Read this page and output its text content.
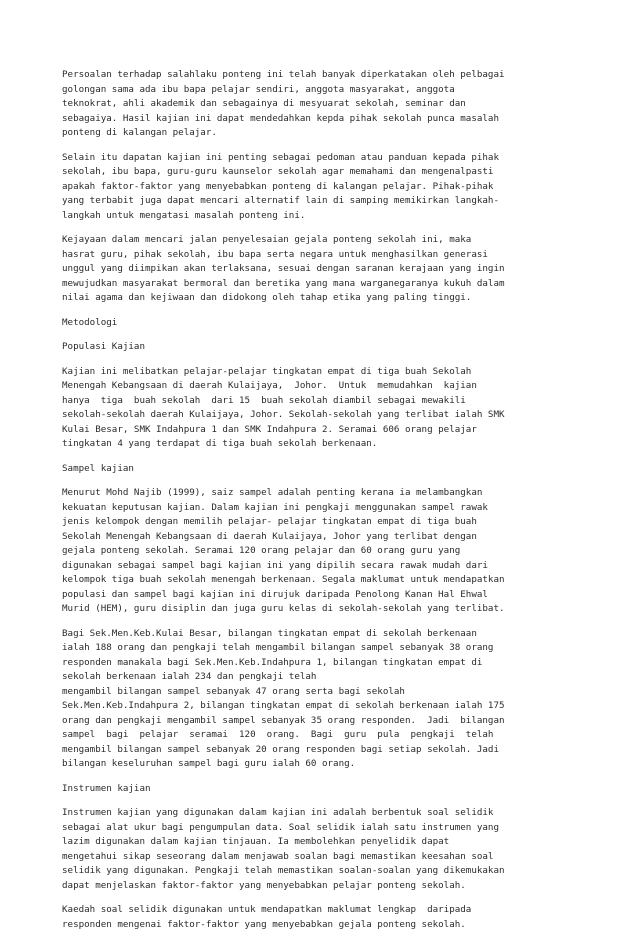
Persoalan terhadap salahlaku ponteng ini telah banyak diperkatakan oleh pelbagai
golongan sama ada ibu bapa pelajar sendiri, anggota masyarakat, anggota
teknokrat, ahli akademik dan sebagainya di mesyuarat sekolah, seminar dan
sebagaiya. Hasil kajian ini dapat mendedahkan kepda pihak sekolah punca masalah
ponteng di kalangan pelajar.
Selain itu dapatan kajian ini penting sebagai pedoman atau panduan kepada pihak
sekolah, ibu bapa, guru-guru kaunselor sekolah agar memahami dan mengenalpasti
apakah faktor-faktor yang menyebabkan ponteng di kalangan pelajar. Pihak-pihak
yang terbabit juga dapat mencari alternatif lain di samping memikirkan langkah-
langkah untuk mengatasi masalah ponteng ini.
Kejayaan dalam mencari jalan penyelesaian gejala ponteng sekolah ini, maka
hasrat guru, pihak sekolah, ibu bapa serta negara untuk menghasilkan generasi
unggul yang diimpikan akan terlaksana, sesuai dengan saranan kerajaan yang ingin
mewujudkan masyarakat bermoral dan beretika yang mana warganegaranya kukuh dalam
nilai agama dan kejiwaan dan didokong oleh tahap etika yang paling tinggi.
Metodologi
Populasi Kajian
Kajian ini melibatkan pelajar-pelajar tingkatan empat di tiga buah Sekolah
Menengah Kebangsaan di daerah Kulaijaya,  Johor.  Untuk  memudahkan  kajian
hanya  tiga  buah sekolah  dari 15  buah sekolah diambil sebagai mewakili
sekolah-sekolah daerah Kulaijaya, Johor. Sekolah-sekolah yang terlibat ialah SMK
Kulai Besar, SMK Indahpura 1 dan SMK Indahpura 2. Seramai 606 orang pelajar
tingkatan 4 yang terdapat di tiga buah sekolah berkenaan.
Sampel kajian
Menurut Mohd Najib (1999), saiz sampel adalah penting kerana ia melambangkan
kekuatan keputusan kajian. Dalam kajian ini pengkaji menggunakan sampel rawak
jenis kelompok dengan memilih pelajar- pelajar tingkatan empat di tiga buah
Sekolah Menengah Kebangsaan di daerah Kulaijaya, Johor yang terlibat dengan
gejala ponteng sekolah. Seramai 120 orang pelajar dan 60 orang guru yang
digunakan sebagai sampel bagi kajian ini yang dipilih secara rawak mudah dari
kelompok tiga buah sekolah menengah berkenaan. Segala maklumat untuk mendapatkan
populasi dan sampel bagi kajian ini dirujuk daripada Penolong Kanan Hal Ehwal
Murid (HEM), guru disiplin dan juga guru kelas di sekolah-sekolah yang terlibat.
Bagi Sek.Men.Keb.Kulai Besar, bilangan tingkatan empat di sekolah berkenaan
ialah 188 orang dan pengkaji telah mengambil bilangan sampel sebanyak 38 orang
responden manakala bagi Sek.Men.Keb.Indahpura 1, bilangan tingkatan empat di
sekolah berkenaan ialah 234 dan pengkaji telah
mengambil bilangan sampel sebanyak 47 orang serta bagi sekolah
Sek.Men.Keb.Indahpura 2, bilangan tingkatan empat di sekolah berkenaan ialah 175
orang dan pengkaji mengambil sampel sebanyak 35 orang responden.  Jadi  bilangan
sampel  bagi  pelajar  seramai  120  orang.  Bagi  guru  pula  pengkaji  telah
mengambil bilangan sampel sebanyak 20 orang responden bagi setiap sekolah. Jadi
bilangan keseluruhan sampel bagi guru ialah 60 orang.
Instrumen kajian
Instrumen kajian yang digunakan dalam kajian ini adalah berbentuk soal selidik
sebagai alat ukur bagi pengumpulan data. Soal selidik ialah satu instrumen yang
lazim digunakan dalam kajian tinjauan. Ia membolehkan penyelidik dapat
mengetahui sikap seseorang dalam menjawab soalan bagi memastikan keesahan soal
selidik yang digunakan. Pengkaji telah memastikan soalan-soalan yang dikemukakan
dapat menjelaskan faktor-faktor yang menyebabkan pelajar ponteng sekolah.
Kaedah soal selidik digunakan untuk mendapatkan maklumat lengkap  daripada
responden mengenai faktor-faktor yang menyebabkan gejala ponteng sekolah.
